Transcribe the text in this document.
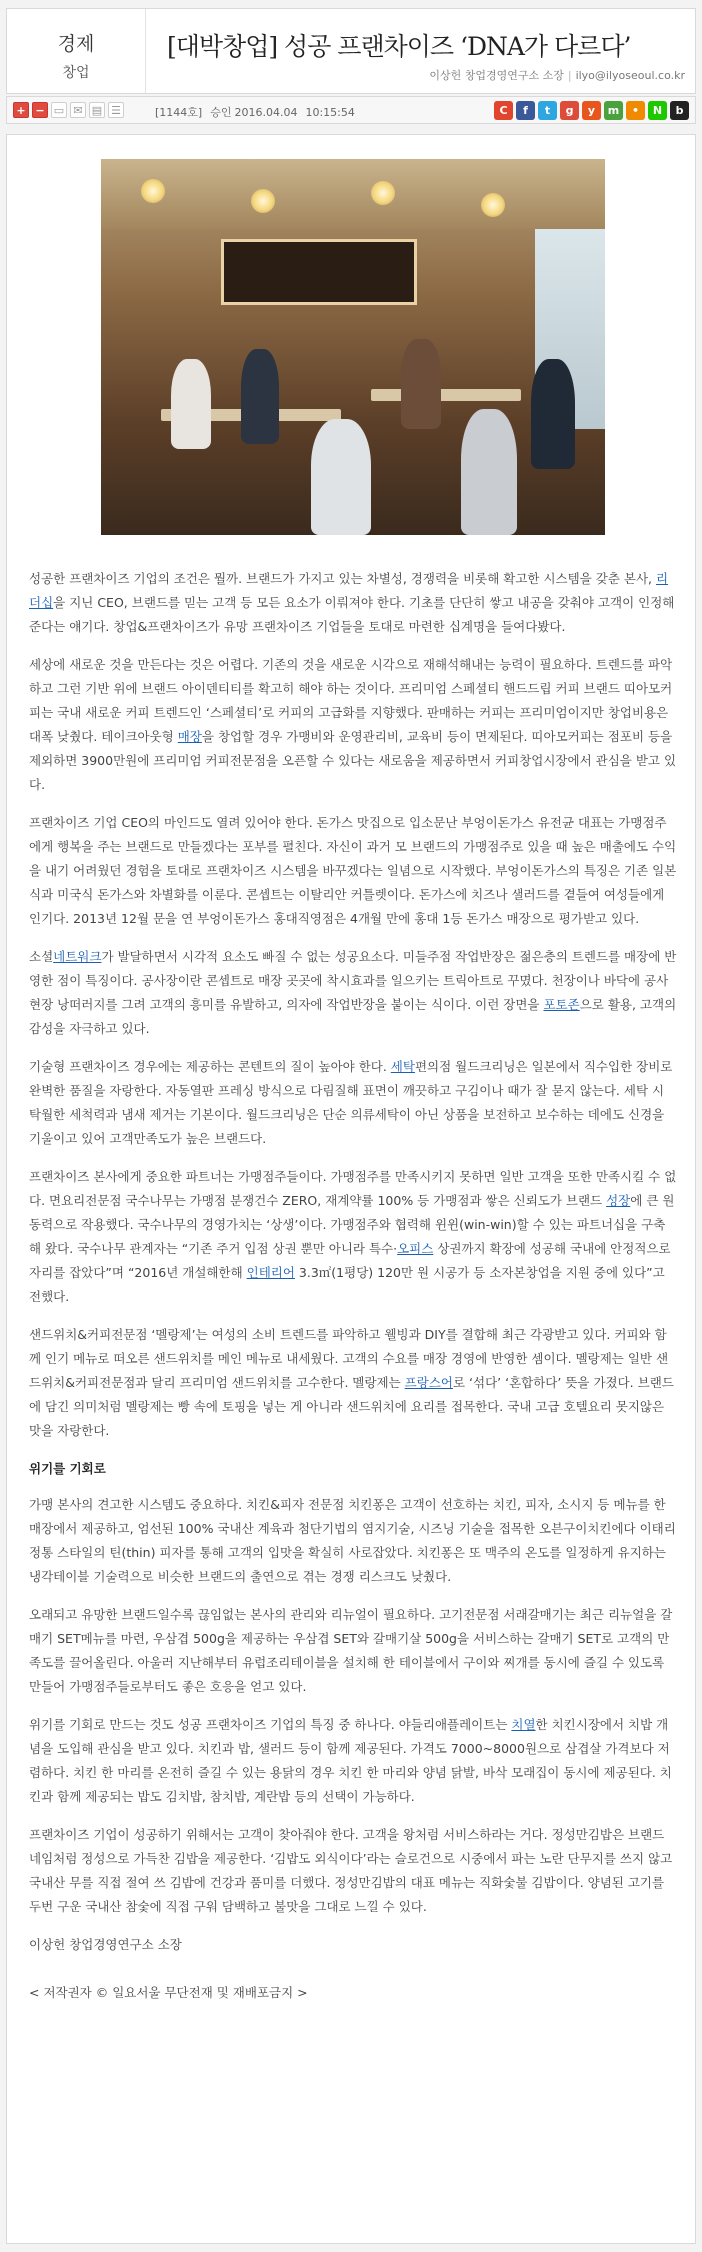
경제
창업
[대박창업] 성공 프랜차이즈 ‘DNA가 다르다’
이상헌 창업경영연구소 소장 | ilyo@ilyoseoul.co.kr
+ − ▭ ✉ ▤ ☰	[1144호] 승인 2016.04.04 10:15:54	C	f	t	g	y	m	•	N	b

성공한 프랜차이즈 기업의 조건은 뭘까. 브랜드가 가지고 있는 차별성, 경쟁력을 비롯해 확고한 시스템을 갖춘 본사, 리더십을 지닌 CEO, 브랜드를 믿는 고객 등 모든 요소가 이뤄져야 한다. 기초를 단단히 쌓고 내공을 갖춰야 고객이 인정해 준다는 얘기다. 창업&프랜차이즈가 유망 프랜차이즈 기업들을 토대로 마련한 십계명을 들여다봤다.

세상에 새로운 것을 만든다는 것은 어렵다. 기존의 것을 새로운 시각으로 재해석해내는 능력이 필요하다. 트렌드를 파악하고 그런 기반 위에 브랜드 아이덴티티를 확고히 해야 하는 것이다. 프리미엄 스페셜티 핸드드립 커피 브랜드 띠아모커피는 국내 새로운 커피 트렌드인 ‘스페셜티’로 커피의 고급화를 지향했다. 판매하는 커피는 프리미엄이지만 창업비용은 대폭 낮췄다. 테이크아웃형 매장을 창업할 경우 가맹비와 운영관리비, 교육비 등이 면제된다. 띠아모커피는 점포비 등을 제외하면 3900만원에 프리미엄 커피전문점을 오픈할 수 있다는 새로움을 제공하면서 커피창업시장에서 관심을 받고 있다.

프랜차이즈 기업 CEO의 마인드도 열려 있어야 한다. 돈가스 맛집으로 입소문난 부엉이돈가스 유전균 대표는 가맹점주에게 행복을 주는 브랜드로 만들겠다는 포부를 펼친다. 자신이 과거 모 브랜드의 가맹점주로 있을 때 높은 매출에도 수익을 내기 어려웠던 경험을 토대로 프랜차이즈 시스템을 바꾸겠다는 일념으로 시작했다. 부엉이돈가스의 특징은 기존 일본식과 미국식 돈가스와 차별화를 이룬다. 콘셉트는 이탈리안 커틀렛이다. 돈가스에 치즈나 샐러드를 곁들여 여성들에게 인기다. 2013년 12월 문을 연 부엉이돈가스 홍대직영점은 4개월 만에 홍대 1등 돈가스 매장으로 평가받고 있다.

소셜네트워크가 발달하면서 시각적 요소도 빠질 수 없는 성공요소다. 미들주점 작업반장은 젊은층의 트렌드를 매장에 반영한 점이 특징이다. 공사장이란 콘셉트로 매장 곳곳에 착시효과를 일으키는 트릭아트로 꾸몄다. 천장이나 바닥에 공사현장 낭떠러지를 그려 고객의 흥미를 유발하고, 의자에 작업반장을 붙이는 식이다. 이런 장면을 포토존으로 활용, 고객의 감성을 자극하고 있다.

기술형 프랜차이즈 경우에는 제공하는 콘텐트의 질이 높아야 한다. 세탁편의점 월드크리닝은 일본에서 직수입한 장비로 완벽한 품질을 자랑한다. 자동열판 프레싱 방식으로 다림질해 표면이 깨끗하고 구김이나 때가 잘 묻지 않는다. 세탁 시 탁월한 세척력과 냄새 제거는 기본이다. 월드크리닝은 단순 의류세탁이 아닌 상품을 보전하고 보수하는 데에도 신경을 기울이고 있어 고객만족도가 높은 브랜드다.

프랜차이즈 본사에게 중요한 파트너는 가맹점주들이다. 가맹점주를 만족시키지 못하면 일반 고객을 또한 만족시킬 수 없다. 면요리전문점 국수나무는 가맹점 분쟁건수 ZERO, 재계약률 100% 등 가맹점과 쌓은 신뢰도가 브랜드 성장에 큰 원동력으로 작용했다. 국수나무의 경영가치는 ‘상생’이다. 가맹점주와 협력해 윈윈(win-win)할 수 있는 파트너십을 구축해 왔다. 국수나무 관계자는 “기존 주거 입점 상권 뿐만 아니라 특수·오피스 상권까지 확장에 성공해 국내에 안정적으로 자리를 잡았다”며 “2016년 개설해한해 인테리어 3.3㎡(1평당) 120만 원 시공가 등 소자본창업을 지원 중에 있다”고 전했다.

샌드위치&커피전문점 ‘멜랑제’는 여성의 소비 트렌드를 파악하고 웰빙과 DIY를 결합해 최근 각광받고 있다. 커피와 함께 인기 메뉴로 떠오른 샌드위치를 메인 메뉴로 내세웠다. 고객의 수요를 매장 경영에 반영한 셈이다. 멜랑제는 일반 샌드위치&커피전문점과 달리 프리미엄 샌드위치를 고수한다. 멜랑제는 프랑스어로 ‘섞다’ ‘혼합하다’ 뜻을 가졌다. 브랜드에 담긴 의미처럼 멜랑제는 빵 속에 토핑을 넣는 게 아니라 샌드위치에 요리를 접목한다. 국내 고급 호텔요리 못지않은 맛을 자랑한다.

위기를 기회로

가맹 본사의 견고한 시스템도 중요하다. 치킨&피자 전문점 치킨퐁은 고객이 선호하는 치킨, 피자, 소시지 등 메뉴를 한 매장에서 제공하고, 엄선된 100% 국내산 계육과 첨단기법의 염지기술, 시즈닝 기술을 접목한 오븐구이치킨에다 이태리 정통 스타일의 틴(thin) 피자를 통해 고객의 입맛을 확실히 사로잡았다. 치킨퐁은 또 맥주의 온도를 일정하게 유지하는 냉각테이블 기술력으로 비슷한 브랜드의 출연으로 겪는 경쟁 리스크도 낮췄다.

오래되고 유망한 브랜드일수록 끊임없는 본사의 관리와 리뉴얼이 필요하다. 고기전문점 서래갈매기는 최근 리뉴얼을 갈매기 SET메뉴를 마련, 우삼겹 500g을 제공하는 우삼겹 SET와 갈매기살 500g을 서비스하는 갈매기 SET로 고객의 만족도를 끌어올린다. 아울러 지난해부터 유럽조리테이블을 설치해 한 테이블에서 구이와 찌개를 동시에 즐길 수 있도록 만들어 가맹점주들로부터도 좋은 호응을 얻고 있다.

위기를 기회로 만드는 것도 성공 프랜차이즈 기업의 특징 중 하나다. 야들리애플레이트는 치열한 치킨시장에서 치밥 개념을 도입해 관심을 받고 있다. 치킨과 밥, 샐러드 등이 함께 제공된다. 가격도 7000~8000원으로 삼겹살 가격보다 저렴하다. 치킨 한 마리를 온전히 즐길 수 있는 용닭의 경우 치킨 한 마리와 양념 닭발, 바삭 모래집이 동시에 제공된다. 치킨과 함께 제공되는 밥도 김치밥, 참치밥, 계란밥 등의 선택이 가능하다.

프랜차이즈 기업이 성공하기 위해서는 고객이 찾아줘야 한다. 고객을 왕처럼 서비스하라는 거다. 정성만김밥은 브랜드 네임처럼 정성으로 가득찬 김밥을 제공한다. ‘김밥도 외식이다’라는 슬로건으로 시중에서 파는 노란 단무지를 쓰지 않고 국내산 무를 직접 절여 쓰 김밥에 건강과 품미를 더했다. 정성만김밥의 대표 메뉴는 직화숯불 김밥이다. 양념된 고기를 두번 구운 국내산 참숯에 직접 구워 담백하고 불맛을 그대로 느낄 수 있다.

이상헌 창업경영연구소 소장

< 저작권자 © 일요서울 무단전재 및 재배포금지 >
